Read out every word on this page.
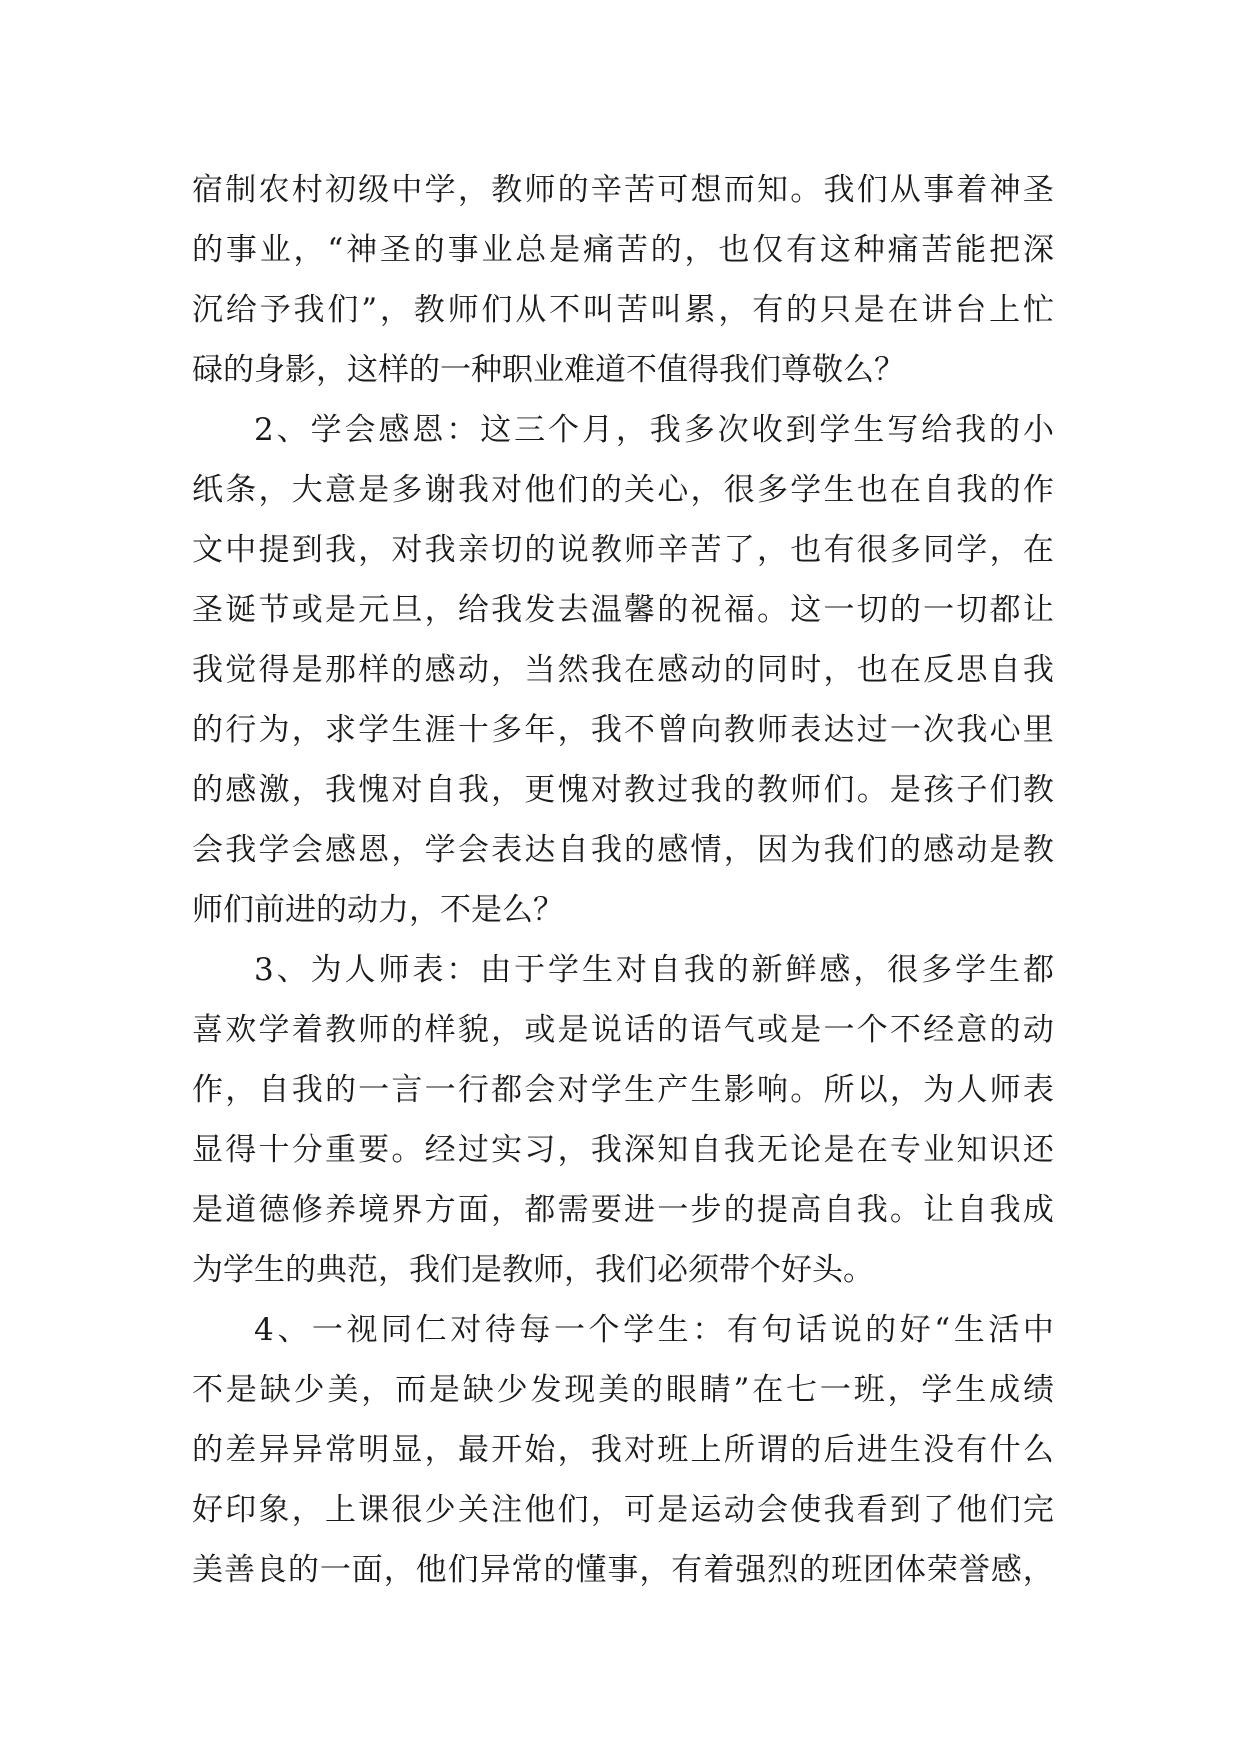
宿 制 农 村 初 级 中 学 ， 教 师 的 辛 苦 可 想 而 知 。 我 们 从 事 着 神 圣
的 事 业 ， “ 神 圣 的 事 业 总 是 痛 苦 的 ， 也 仅 有 这 种 痛 苦 能 把 深
沉 给 予 我 们 ” ， 教 师 们 从 不 叫 苦 叫 累 ， 有 的 只 是 在 讲 台 上 忙
碌的身影，这样的一种职业难道不值得我们尊敬么？
2 、 学 会 感 恩 ： 这 三 个 月 ， 我 多 次 收 到 学 生 写 给 我 的 小
纸 条 ， 大 意 是 多 谢 我 对 他 们 的 关 心 ， 很 多 学 生 也 在 自 我 的 作
文 中 提 到 我 ， 对 我 亲 切 的 说 教 师 辛 苦 了 ， 也 有 很 多 同 学 ， 在
圣 诞 节 或 是 元 旦 ， 给 我 发 去 温 馨 的 祝 福 。 这 一 切 的 一 切 都 让
我 觉 得 是 那 样 的 感 动 ， 当 然 我 在 感 动 的 同 时 ， 也 在 反 思 自 我
的 行 为 ， 求 学 生 涯 十 多 年 ， 我 不 曾 向 教 师 表 达 过 一 次 我 心 里
的 感 激 ， 我 愧 对 自 我 ， 更 愧 对 教 过 我 的 教 师 们 。 是 孩 子 们 教
会 我 学 会 感 恩 ， 学 会 表 达 自 我 的 感 情 ， 因 为 我 们 的 感 动 是 教
师们前进的动力，不是么？
3 、 为 人 师 表 ： 由 于 学 生 对 自 我 的 新 鲜 感 ， 很 多 学 生 都
喜 欢 学 着 教 师 的 样 貌 ， 或 是 说 话 的 语 气 或 是 一 个 不 经 意 的 动
作 ， 自 我 的 一 言 一 行 都 会 对 学 生 产 生 影 响 。 所 以 ， 为 人 师 表
显 得 十 分 重 要 。 经 过 实 习 ， 我 深 知 自 我 无 论 是 在 专 业 知 识 还
是 道 德 修 养 境 界 方 面 ， 都 需 要 进 一 步 的 提 高 自 我 。 让 自 我 成
为学生的典范，我们是教师，我们必须带个好头。
4 、 一 视 同 仁 对 待 每 一 个 学 生 ： 有 句 话 说 的 好 “ 生 活 中
不 是 缺 少 美 ， 而 是 缺 少 发 现 美 的 眼 睛 ” 在 七 一 班 ， 学 生 成 绩
的 差 异 异 常 明 显 ， 最 开 始 ， 我 对 班 上 所 谓 的 后 进 生 没 有 什 么
好 印 象 ， 上 课 很 少 关 注 他 们 ， 可 是 运 动 会 使 我 看 到 了 他 们 完
美 善 良 的 一 面 ， 他 们 异 常 的 懂 事 ， 有 着 强 烈 的 班 团 体 荣 誉 感 ，
